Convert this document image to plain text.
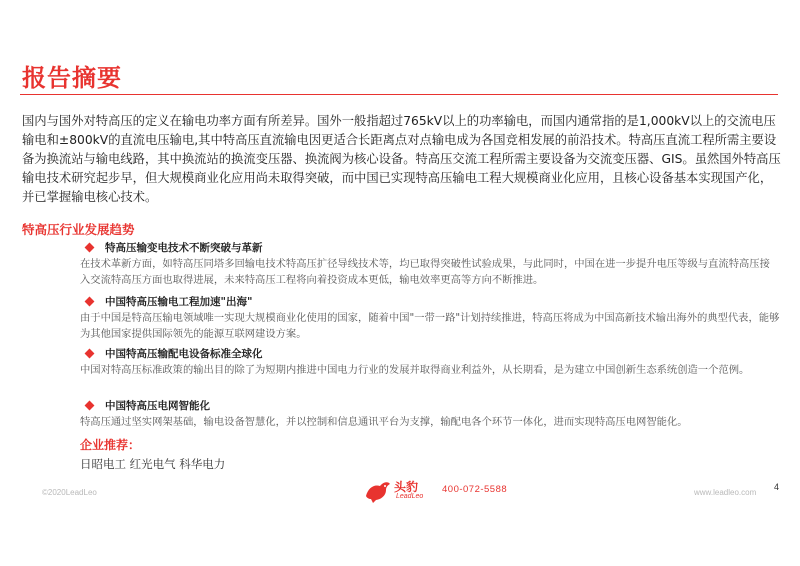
报告摘要

国内与国外对特高压的定义在输电功率方面有所差异。国外一般指超过765kV以上的功率输电，而国内通常指的是1,000kV以上的交流电压输电和±800kV的直流电压输电,其中特高压直流输电因更适合长距离点对点输电成为各国竞相发展的前沿技术。特高压直流工程所需主要设备为换流站与输电线路，其中换流站的换流变压器、换流阀为核心设备。特高压交流工程所需主要设备为交流变压器、GIS。虽然国外特高压输电技术研究起步早，但大规模商业化应用尚未取得突破，而中国已实现特高压输电工程大规模商业化应用，且核心设备基本实现国产化，并已掌握输电核心技术。

特高压行业发展趋势
特高压输变电技术不断突破与革新

在技术革新方面，如特高压同塔多回输电技术特高压扩径导线技术等，均已取得突破性试验成果，与此同时，中国在进一步提升电压等级与直流特高压接入交流特高压方面也取得进展，未来特高压工程将向着投资成本更低，输电效率更高等方向不断推进。

中国特高压输电工程加速"出海"

由于中国是特高压输电领域唯一实现大规模商业化使用的国家，随着中国"一带一路"计划持续推进，特高压将成为中国高新技术输出海外的典型代表，能够为其他国家提供国际领先的能源互联网建设方案。

中国特高压输配电设备标准全球化

中国对特高压标准政策的输出目的除了为短期内推进中国电力行业的发展并取得商业利益外，从长期看，是为建立中国创新生态系统创造一个范例。

中国特高压电网智能化

特高压通过坚实网架基础，输电设备智慧化，并以控制和信息通讯平台为支撑，输配电各个环节一体化，进而实现特高压电网智能化。

企业推荐：
日昭电工 红光电气 科华电力
©2020LeadLeo	头豹
LeadLeo
400-072-5588	www.leadleo.com
4
